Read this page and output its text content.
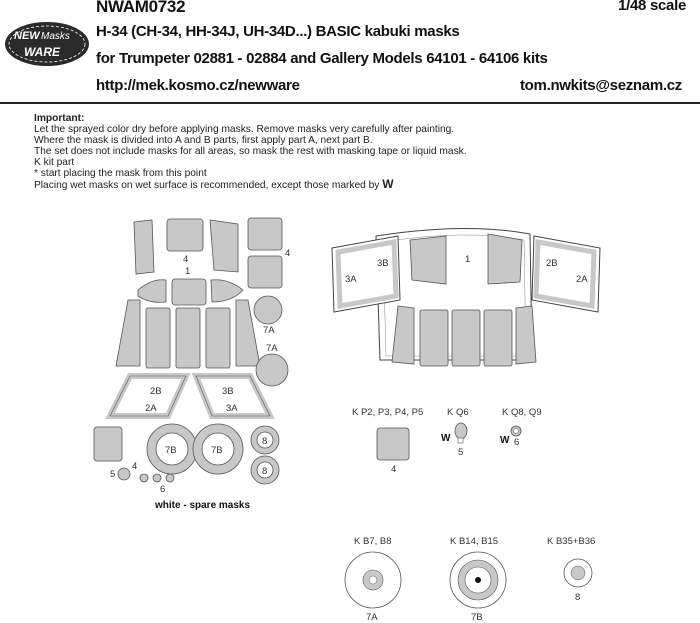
NWAM0732	1/48 scale
H-34 (CH-34, HH-34J, UH-34D...) BASIC kabuki masks
for Trumpeter 02881 - 02884 and Gallery Models 64101 - 64106 kits
http://mek.kosmo.cz/newware	tom.nwkits@seznam.cz
NEW Masks
WARE
Important:
Let the sprayed color dry before applying masks. Remove masks very carefully after painting.
Where the mask is divided into A and B parts, first apply part A, next part B.
The set does not include masks for all areas, so mask the rest with masking tape or liquid mask.
K kit part
* start placing the mask from this point
Placing wet masks on wet surface is recommended, except those marked by W
4
4
1
7A
7A
2B
2A
3B
3A
7B	7B
8
8
5
4
6
3A
3B	1	2B
2A
K P2, P3, P4, P5
4
K Q6
W
5
K Q8, Q9
W 6
K B7, B8
7A
K B14, B15
7B
K B35+B36
8
white - spare masks
